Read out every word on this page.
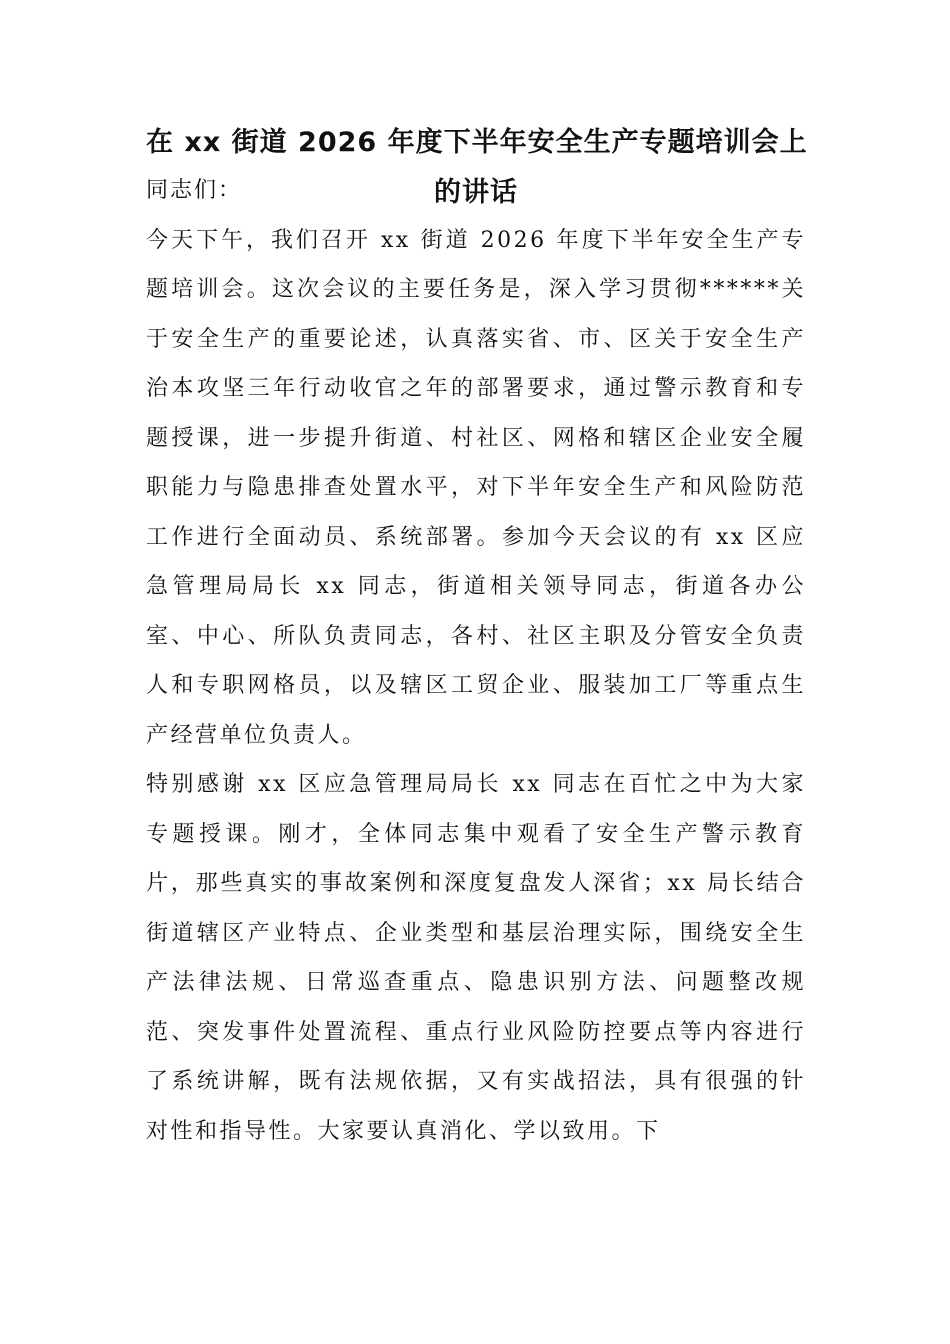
在 xx 街道 2026 年度下半年安全生产专题培训会上
的讲话

同志们：

今天下午，我们召开 xx 街道 2026 年度下半年安全生产专题培训会。这次会议的主要任务是，深入学习贯彻******关于安全生产的重要论述，认真落实省、市、区关于安全生产治本攻坚三年行动收官之年的部署要求，通过警示教育和专题授课，进一步提升街道、村社区、网格和辖区企业安全履职能力与隐患排查处置水平，对下半年安全生产和风险防范工作进行全面动员、系统部署。参加今天会议的有 xx 区应急管理局局长 xx 同志，街道相关领导同志，街道各办公室、中心、所队负责同志，各村、社区主职及分管安全负责人和专职网格员，以及辖区工贸企业、服装加工厂等重点生产经营单位负责人。

特别感谢 xx 区应急管理局局长 xx 同志在百忙之中为大家专题授课。刚才，全体同志集中观看了安全生产警示教育片，那些真实的事故案例和深度复盘发人深省；xx 局长结合街道辖区产业特点、企业类型和基层治理实际，围绕安全生产法律法规、日常巡查重点、隐患识别方法、问题整改规范、突发事件处置流程、重点行业风险防控要点等内容进行了系统讲解，既有法规依据，又有实战招法，具有很强的针对性和指导性。大家要认真消化、学以致用。下
